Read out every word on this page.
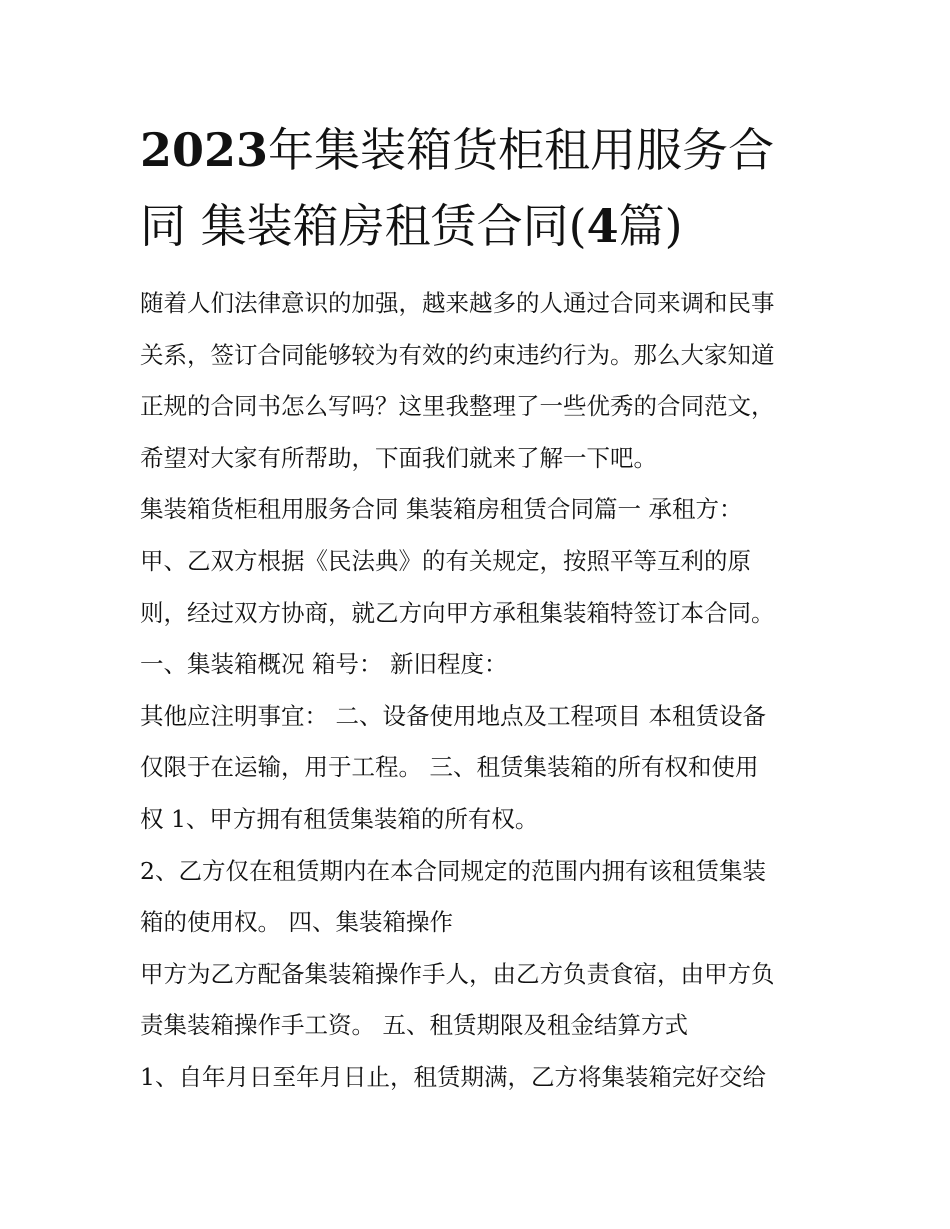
2023年集装箱货柜租用服务合
同 集装箱房租赁合同(4篇)
随着人们法律意识的加强，越来越多的人通过合同来调和民事
关系，签订合同能够较为有效的约束违约行为。那么大家知道
正规的合同书怎么写吗？这里我整理了一些优秀的合同范文，
希望对大家有所帮助，下面我们就来了解一下吧。
集装箱货柜租用服务合同 集装箱房租赁合同篇一 承租方：
甲、乙双方根据《民法典》的有关规定，按照平等互利的原
则，经过双方协商，就乙方向甲方承租集装箱特签订本合同。
一、集装箱概况 箱号： 新旧程度：
其他应注明事宜： 二、设备使用地点及工程项目 本租赁设备
仅限于在运输，用于工程。 三、租赁集装箱的所有权和使用
权 1、甲方拥有租赁集装箱的所有权。
2、乙方仅在租赁期内在本合同规定的范围内拥有该租赁集装
箱的使用权。 四、集装箱操作
甲方为乙方配备集装箱操作手人，由乙方负责食宿，由甲方负
责集装箱操作手工资。 五、租赁期限及租金结算方式
1、自年月日至年月日止，租赁期满，乙方将集装箱完好交给
